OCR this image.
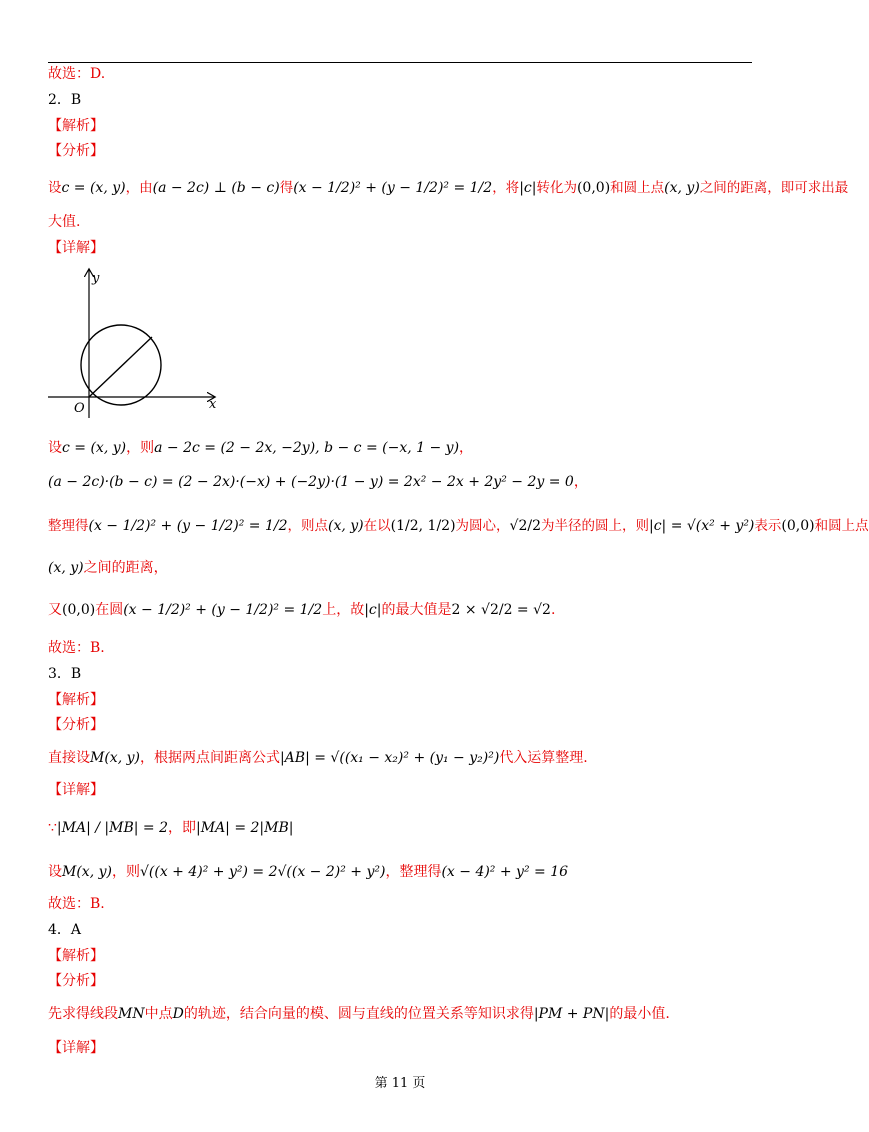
故选：D.
2．B
【解析】
【分析】
设c = (x, y)，由(a − 2c) ⊥ (b − c)得(x − 1/2)² + (y − 1/2)² = 1/2，将|c|转化为(0,0)和圆上点(x, y)之间的距离，即可求出最
大值.
【详解】
y
x
O
设c = (x, y)，则a − 2c = (2 − 2x, −2y), b − c = (−x, 1 − y)，
(a − 2c)·(b − c) = (2 − 2x)·(−x) + (−2y)·(1 − y) = 2x² − 2x + 2y² − 2y = 0，
整理得(x − 1/2)² + (y − 1/2)² = 1/2，则点(x, y)在以(1/2, 1/2)为圆心，√2/2为半径的圆上，则|c| = √(x² + y²)表示(0,0)和圆上点
(x, y)之间的距离，
又(0,0)在圆(x − 1/2)² + (y − 1/2)² = 1/2上，故|c|的最大值是2 × √2/2 = √2.
故选：B.
3．B
【解析】
【分析】
直接设M(x, y)，根据两点间距离公式|AB| = √((x₁ − x₂)² + (y₁ − y₂)²)代入运算整理.
【详解】
∵|MA| / |MB| = 2，即|MA| = 2|MB|
设M(x, y)，则√((x + 4)² + y²) = 2√((x − 2)² + y²)，整理得(x − 4)² + y² = 16
故选：B.
4．A
【解析】
【分析】
先求得线段MN中点D的轨迹，结合向量的模、圆与直线的位置关系等知识求得|PM + PN|的最小值.
【详解】
第 11 页
